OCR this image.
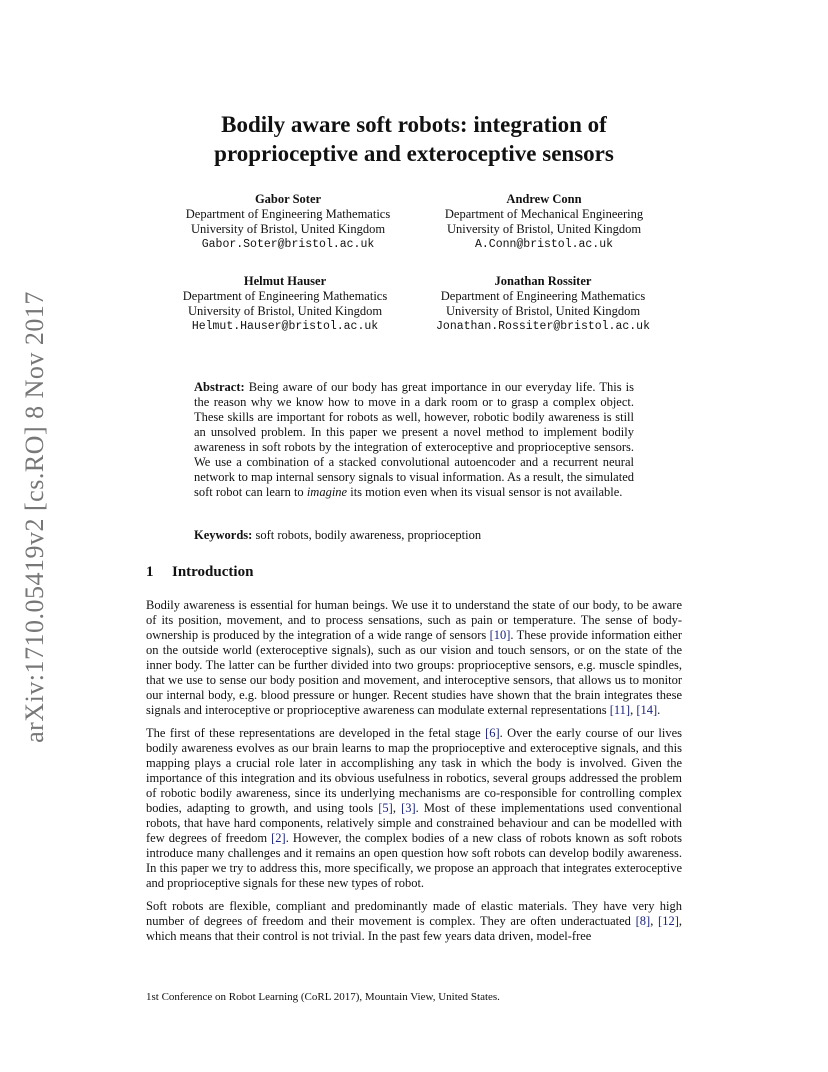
arXiv:1710.05419v2 [cs.RO] 8 Nov 2017
Bodily aware soft robots: integration of
proprioceptive and exteroceptive sensors
Gabor Soter
Department of Engineering Mathematics
University of Bristol, United Kingdom
Gabor.Soter@bristol.ac.uk
Andrew Conn
Department of Mechanical Engineering
University of Bristol, United Kingdom
A.Conn@bristol.ac.uk
Helmut Hauser
Department of Engineering Mathematics
University of Bristol, United Kingdom
Helmut.Hauser@bristol.ac.uk
Jonathan Rossiter
Department of Engineering Mathematics
University of Bristol, United Kingdom
Jonathan.Rossiter@bristol.ac.uk
Abstract: Being aware of our body has great importance in our everyday life. This is the reason why we know how to move in a dark room or to grasp a complex object. These skills are important for robots as well, however, robotic bodily awareness is still an unsolved problem. In this paper we present a novel method to implement bodily awareness in soft robots by the integration of exteroceptive and proprioceptive sensors. We use a combination of a stacked convolutional autoencoder and a recurrent neural network to map internal sensory signals to visual information. As a result, the simulated soft robot can learn to imagine its motion even when its visual sensor is not available.
Keywords: soft robots, bodily awareness, proprioception
1 Introduction

Bodily awareness is essential for human beings. We use it to understand the state of our body, to be aware of its position, movement, and to process sensations, such as pain or temperature. The sense of body-ownership is produced by the integration of a wide range of sensors [10]. These provide information either on the outside world (exteroceptive signals), such as our vision and touch sensors, or on the state of the inner body. The latter can be further divided into two groups: proprioceptive sensors, e.g. muscle spindles, that we use to sense our body position and movement, and interoceptive sensors, that allows us to monitor our internal body, e.g. blood pressure or hunger. Recent studies have shown that the brain integrates these signals and interoceptive or proprioceptive awareness can modulate external representations [11], [14].

The first of these representations are developed in the fetal stage [6]. Over the early course of our lives bodily awareness evolves as our brain learns to map the proprioceptive and exteroceptive signals, and this mapping plays a crucial role later in accomplishing any task in which the body is involved. Given the importance of this integration and its obvious usefulness in robotics, several groups addressed the problem of robotic bodily awareness, since its underlying mechanisms are co-responsible for controlling complex bodies, adapting to growth, and using tools [5], [3]. Most of these implementations used conventional robots, that have hard components, relatively simple and constrained behaviour and can be modelled with few degrees of freedom [2]. However, the complex bodies of a new class of robots known as soft robots introduce many challenges and it remains an open question how soft robots can develop bodily awareness. In this paper we try to address this, more specifically, we propose an approach that integrates exteroceptive and proprioceptive signals for these new types of robot.

Soft robots are flexible, compliant and predominantly made of elastic materials. They have very high number of degrees of freedom and their movement is complex. They are often underactuated [8], [12], which means that their control is not trivial. In the past few years data driven, model-free

1st Conference on Robot Learning (CoRL 2017), Mountain View, United States.
